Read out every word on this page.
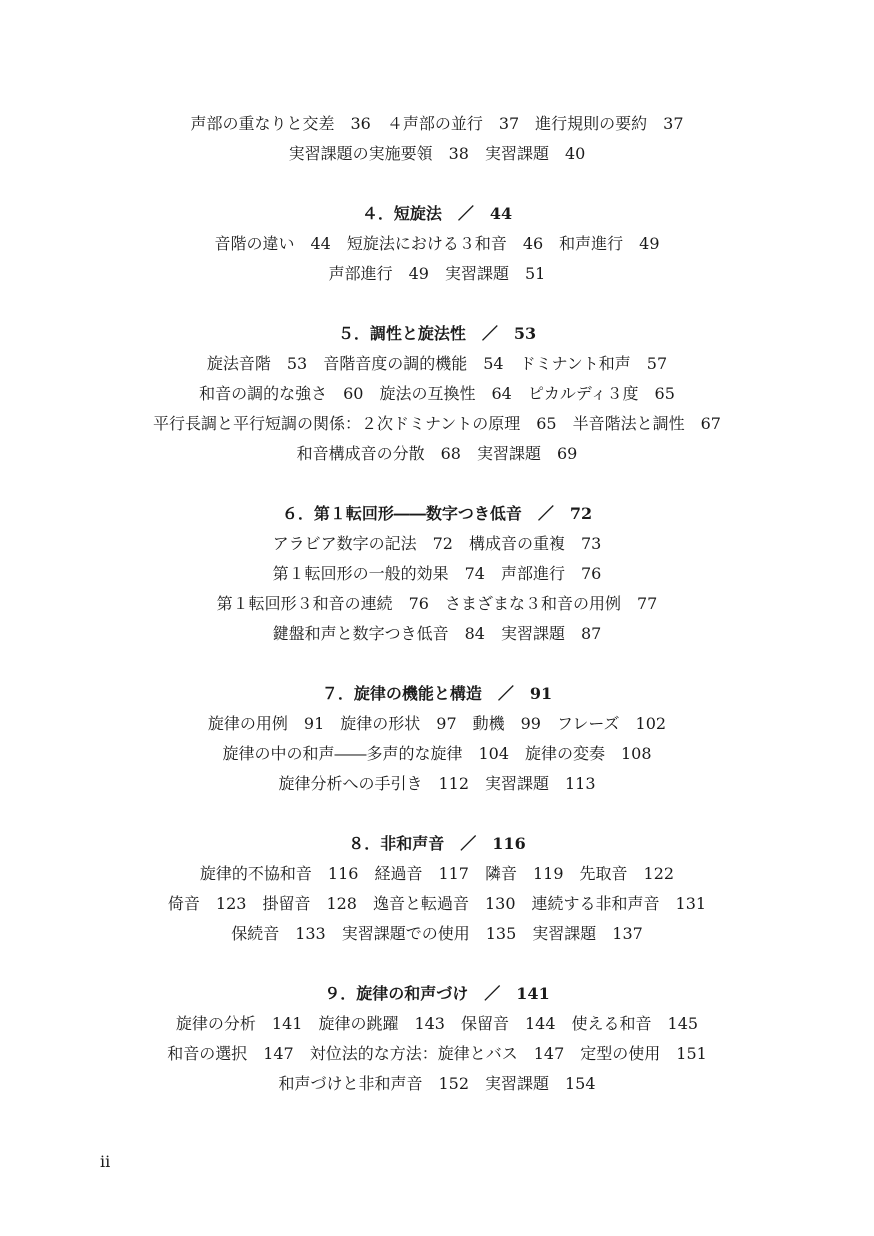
声部の重なりと交差　36　４声部の並行　37　進行規則の要約　37
実習課題の実施要領　38　実習課題　40
４．短旋法　／　44
音階の違い　44　短旋法における３和音　46　和声進行　49
声部進行　49　実習課題　51
５．調性と旋法性　／　53
旋法音階　53　音階音度の調的機能　54　ドミナント和声　57
和音の調的な強さ　60　旋法の互換性　64　ピカルディ３度　65
平行長調と平行短調の関係：２次ドミナントの原理　65　半音階法と調性　67
和音構成音の分散　68　実習課題　69
６．第１転回形――数字つき低音　／　72
アラビア数字の記法　72　構成音の重複　73
第１転回形の一般的効果　74　声部進行　76
第１転回形３和音の連続　76　さまざまな３和音の用例　77
鍵盤和声と数字つき低音　84　実習課題　87
７．旋律の機能と構造　／　91
旋律の用例　91　旋律の形状　97　動機　99　フレーズ　102
旋律の中の和声――多声的な旋律　104　旋律の変奏　108
旋律分析への手引き　112　実習課題　113
８．非和声音　／　116
旋律的不協和音　116　経過音　117　隣音　119　先取音　122
倚音　123　掛留音　128　逸音と転過音　130　連続する非和声音　131
保続音　133　実習課題での使用　135　実習課題　137
９．旋律の和声づけ　／　141
旋律の分析　141　旋律の跳躍　143　保留音　144　使える和音　145
和音の選択　147　対位法的な方法：旋律とバス　147　定型の使用　151
和声づけと非和声音　152　実習課題　154
ii
